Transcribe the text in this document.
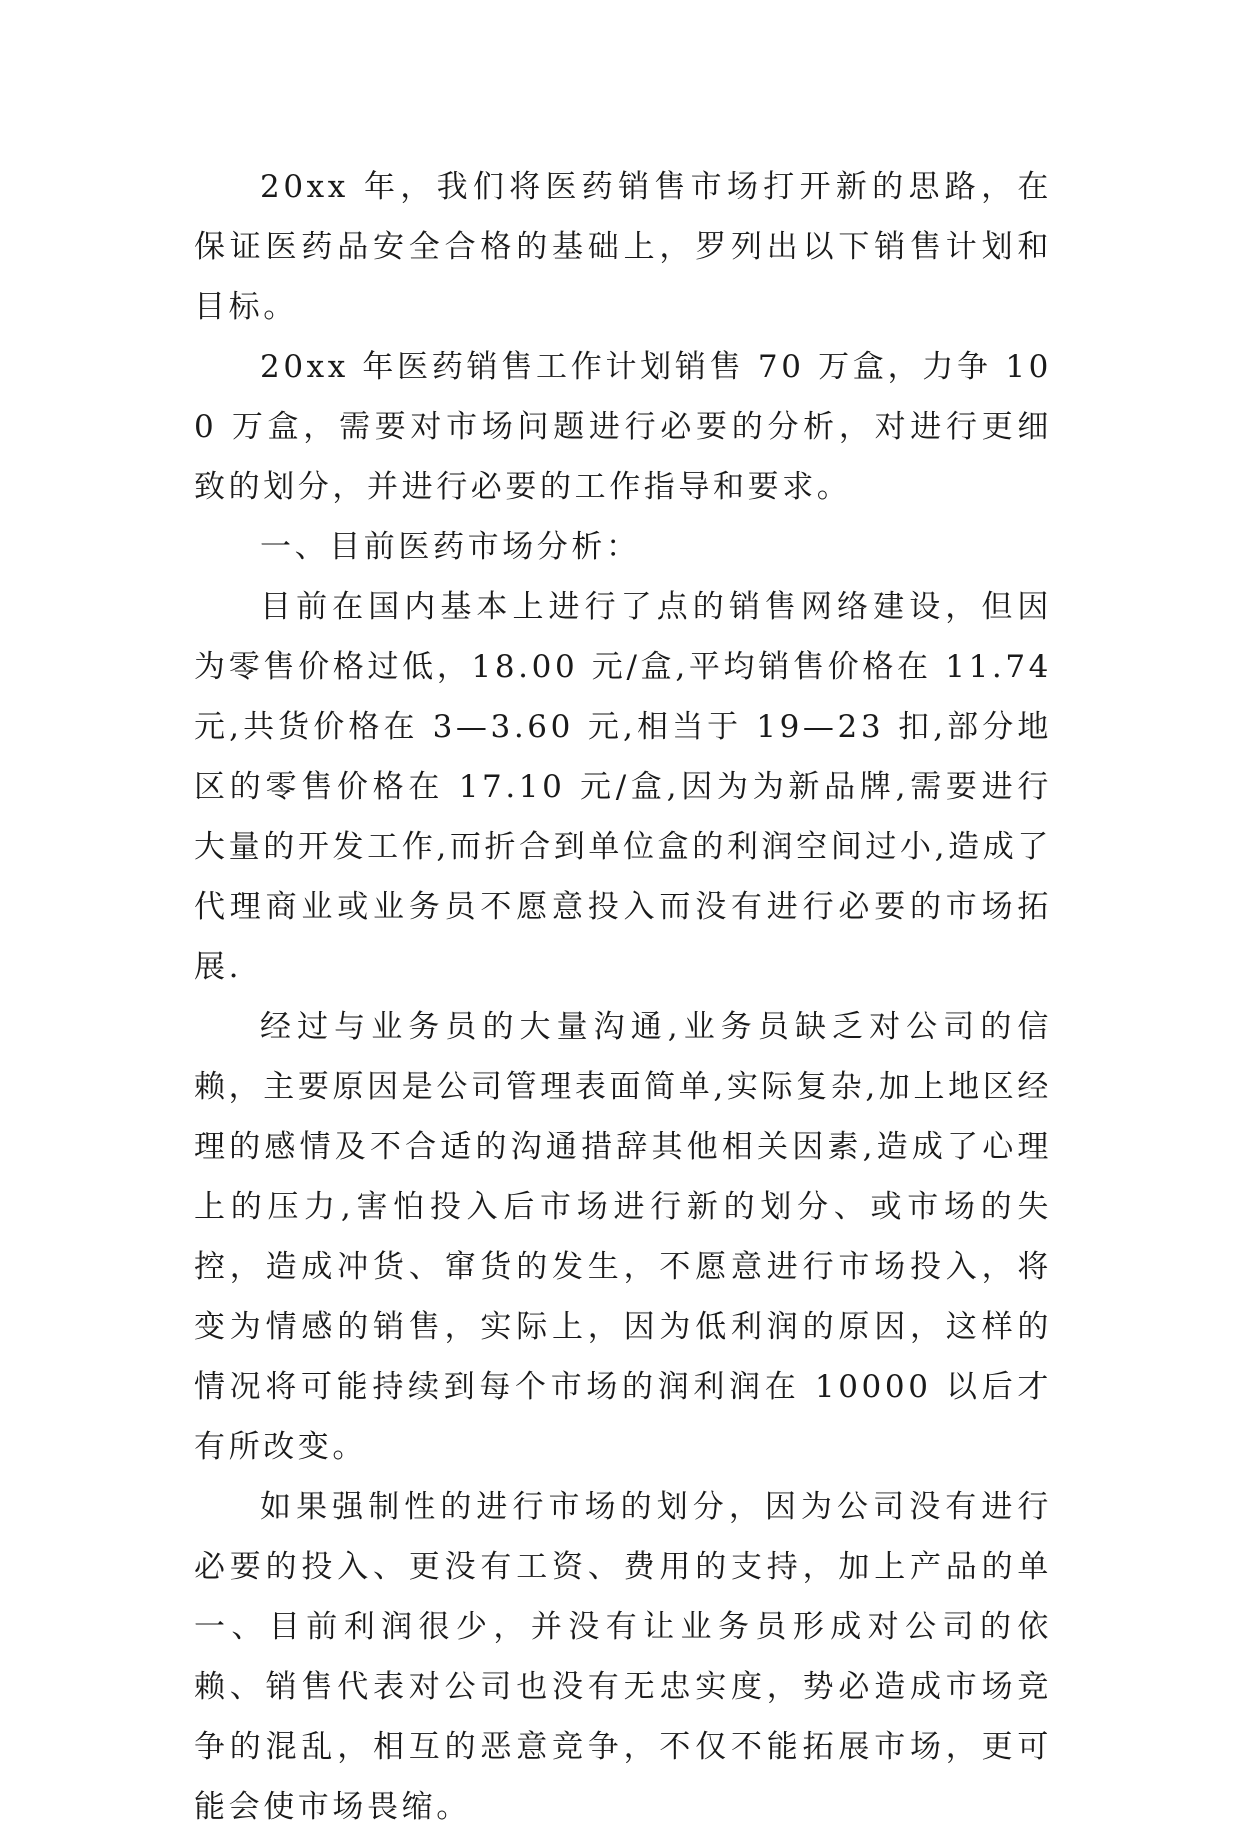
20xx 年，我们将医药销售市场打开新的思路，在保证医药品安全合格的基础上，罗列出以下销售计划和目标。

20xx 年医药销售工作计划销售 70 万盒，力争 100 万盒，需要对市场问题进行必要的分析，对进行更细致的划分，并进行必要的工作指导和要求。

一、目前医药市场分析：

目前在国内基本上进行了点的销售网络建设，但因为零售价格过低，18.00 元/盒,平均销售价格在 11.74 元,共货价格在 3—3.60 元,相当于 19—23 扣,部分地区的零售价格在 17.10 元/盒,因为为新品牌,需要进行大量的开发工作,而折合到单位盒的利润空间过小,造成了代理商业或业务员不愿意投入而没有进行必要的市场拓展.

经过与业务员的大量沟通,业务员缺乏对公司的信赖，主要原因是公司管理表面简单,实际复杂,加上地区经理的感情及不合适的沟通措辞其他相关因素,造成了心理上的压力,害怕投入后市场进行新的划分、或市场的失控，造成冲货、窜货的发生，不愿意进行市场投入，将变为情感的销售，实际上，因为低利润的原因，这样的情况将可能持续到每个市场的润利润在 10000 以后才有所改变。

如果强制性的进行市场的划分，因为公司没有进行必要的投入、更没有工资、费用的支持，加上产品的单一、目前利润很少，并没有让业务员形成对公司的依赖、销售代表对公司也没有无忠实度，势必造成市场竞争的混乱，相互的恶意竞争，不仅不能拓展市场，更可能会使市场畏缩。
